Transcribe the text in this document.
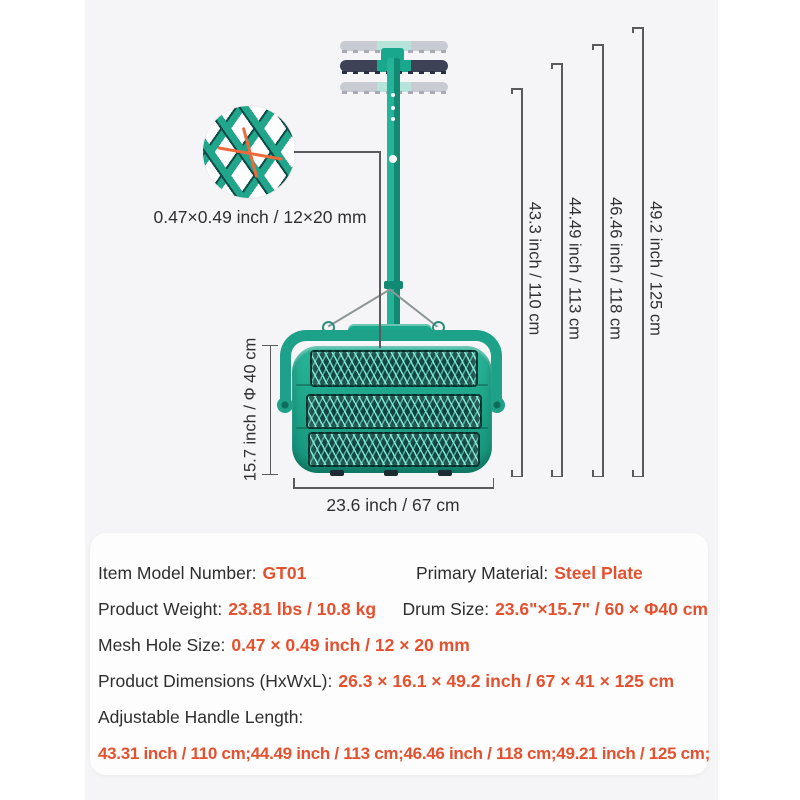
0.47×0.49 inch / 12×20 mm
15.7 inch / Φ 40 cm
23.6 inch / 67 cm
43.3 inch / 110 cm 44.49 inch / 113 cm 46.46 inch / 118 cm 49.2 inch / 125 cm
Item Model Number: GT01	Primary Material: Steel Plate
Product Weight: 23.81 lbs / 10.8 kg	Drum Size: 23.6"×15.7" / 60 × Φ40 cm
Mesh Hole Size: 0.47 × 0.49 inch / 12 × 20 mm
Product Dimensions (HxWxL): 26.3 × 16.1 × 49.2 inch / 67 × 41 × 125 cm
Adjustable Handle Length:
43.31 inch / 110 cm;44.49 inch / 113 cm;46.46 inch / 118 cm;49.21 inch / 125 cm;
